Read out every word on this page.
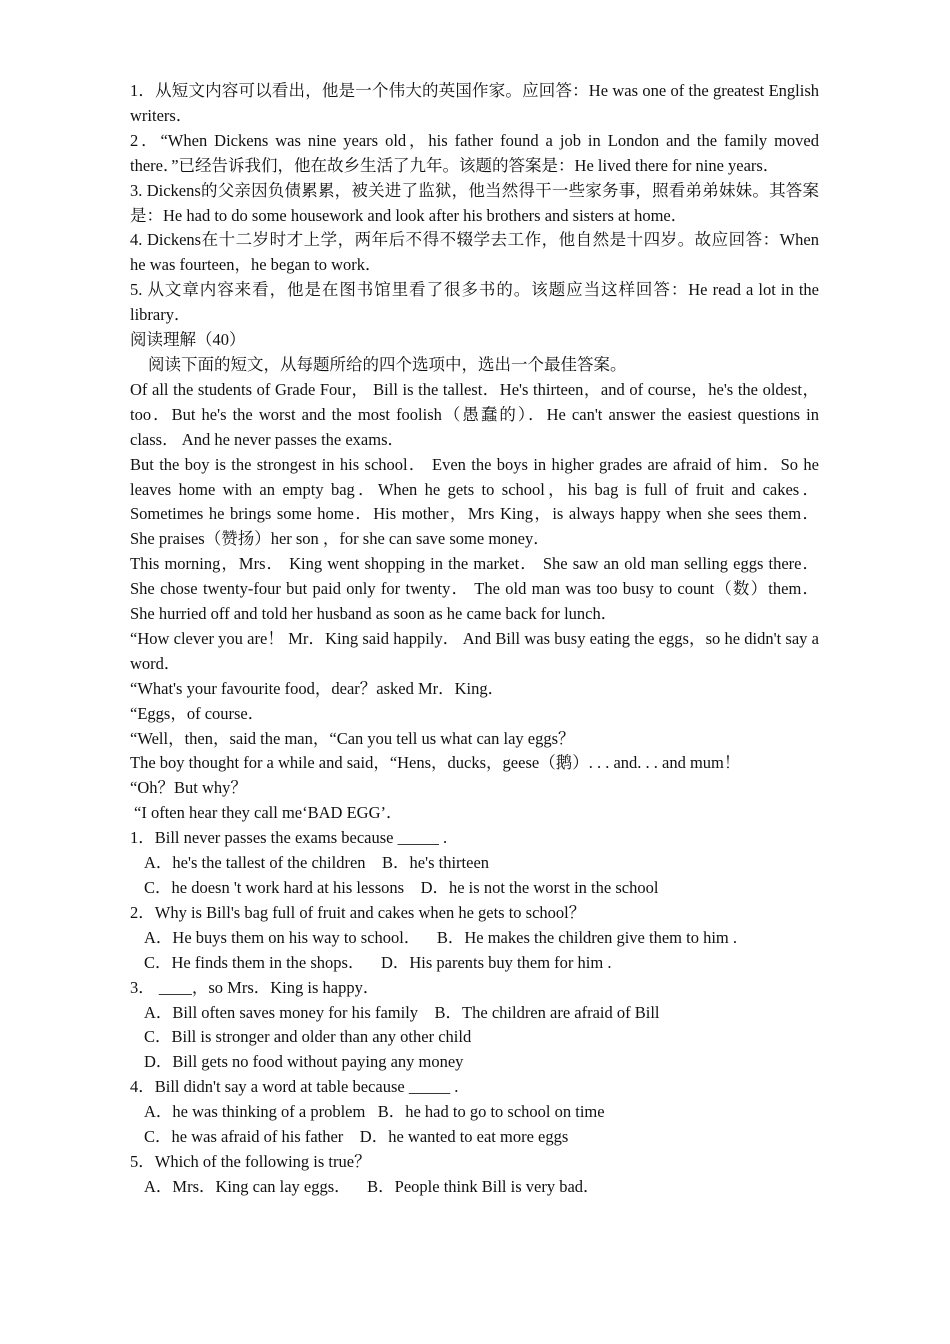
1．从短文内容可以看出，他是一个伟大的英国作家。应回答：He was one of the greatest English writers．

2．“When Dickens was nine years old，his father found a job in London and the family moved there．”已经告诉我们，他在故乡生活了九年。该题的答案是：He lived there for nine years．

3. Dickens的父亲因负债累累，被关进了监狱，他当然得干一些家务事，照看弟弟妹妹。其答案是：He had to do some housework and look after his brothers and sisters at home．

4. Dickens在十二岁时才上学，两年后不得不辍学去工作，他自然是十四岁。故应回答：When he was fourteen，he began to work．

5. 从文章内容来看，他是在图书馆里看了很多书的。该题应当这样回答：He read a lot in the library．

阅读理解（40）

阅读下面的短文，从每题所给的四个选项中，选出一个最佳答案。

Of all the students of Grade Four， Bill is the tallest．He's thirteen，and of course，he's the oldest，too．But he's the worst and the most foolish（愚蠢的）．He can't answer the easiest questions in class． And he never passes the exams．

But the boy is the strongest in his school． Even the boys in higher grades are afraid of him．So he leaves home with an empty bag．When he gets to school，his bag is full of fruit and cakes．Sometimes he brings some home．His mother，Mrs King，is always happy when she sees them． She praises（赞扬）her son ，for she can save some money．

This morning，Mrs． King went shopping in the market． She saw an old man selling eggs there． She chose twenty-four but paid only for twenty． The old man was too busy to count（数）them． She hurried off and told her husband as soon as he came back for lunch．

“How clever you are！ Mr．King said happily． And Bill was busy eating the eggs，so he didn't say a word．

“What's your favourite food，dear？asked Mr．King．

“Eggs，of course．

“Well，then，said the man，“Can you tell us what can lay eggs？

The boy thought for a while and said，“Hens，ducks，geese（鹅）. . . and. . . and mum！

“Oh？But why？

“I often hear they call me‘BAD EGG’．

1．Bill never passes the exams because _____ .

A．he's the tallest of the children    B．he's thirteen

C．he doesn 't work hard at his lessons    D．he is not the worst in the school

2．Why is Bill's bag full of fruit and cakes when he gets to school？

A．He buys them on his way to school．    B．He makes the children give them to him .

C．He finds them in the shops．    D．His parents buy them for him .

3． ____，so Mrs．King is happy．

A．Bill often saves money for his family    B．The children are afraid of Bill

C．Bill is stronger and older than any other child

D．Bill gets no food without paying any money

4．Bill didn't say a word at table because _____ .

A．he was thinking of a problem   B．he had to go to school on time

C．he was afraid of his father    D．he wanted to eat more eggs

5．Which of the following is true？

A．Mrs．King can lay eggs．    B．People think Bill is very bad．
